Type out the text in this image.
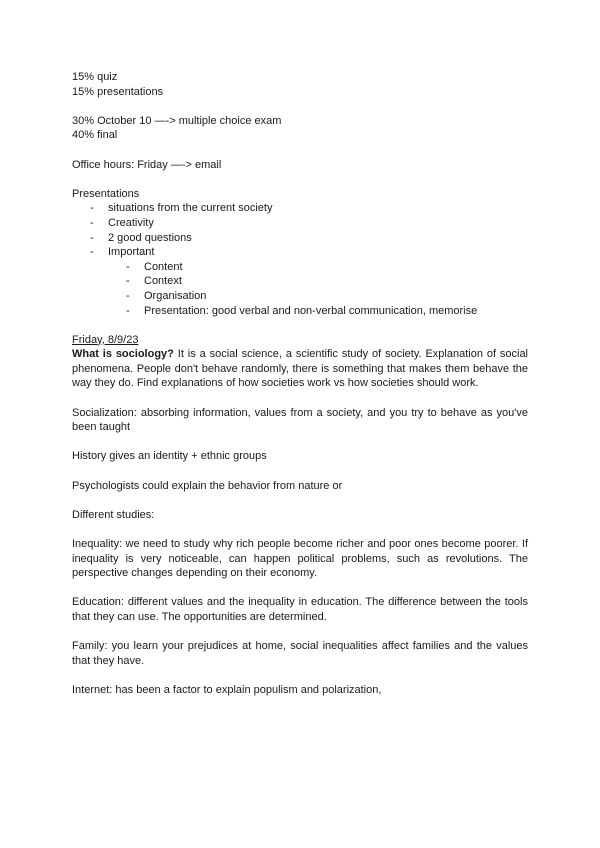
15% quiz

15% presentations

30% October 10 —-> multiple choice exam

40% final

Office hours: Friday —-> email

Presentations

- situations from the current society
- Creativity
- 2 good questions
- Important
- Content
- Context
- Organisation
- Presentation: good verbal and non-verbal communication, memorise

Friday, 8/9/23

What is sociology? It is a social science, a scientific study of society. Explanation of social phenomena. People don't behave randomly, there is something that makes them behave the way they do. Find explanations of how societies work vs how societies should work.

Socialization: absorbing information, values from a society, and you try to behave as you've been taught

History gives an identity + ethnic groups

Psychologists could explain the behavior from nature or

Different studies:

Inequality: we need to study why rich people become richer and poor ones become poorer. If inequality is very noticeable, can happen political problems, such as revolutions. The perspective changes depending on their economy.

Education: different values and the inequality in education. The difference between the tools that they can use. The opportunities are determined.

Family: you learn your prejudices at home, social inequalities affect families and the values that they have.

Internet: has been a factor to explain populism and polarization,
